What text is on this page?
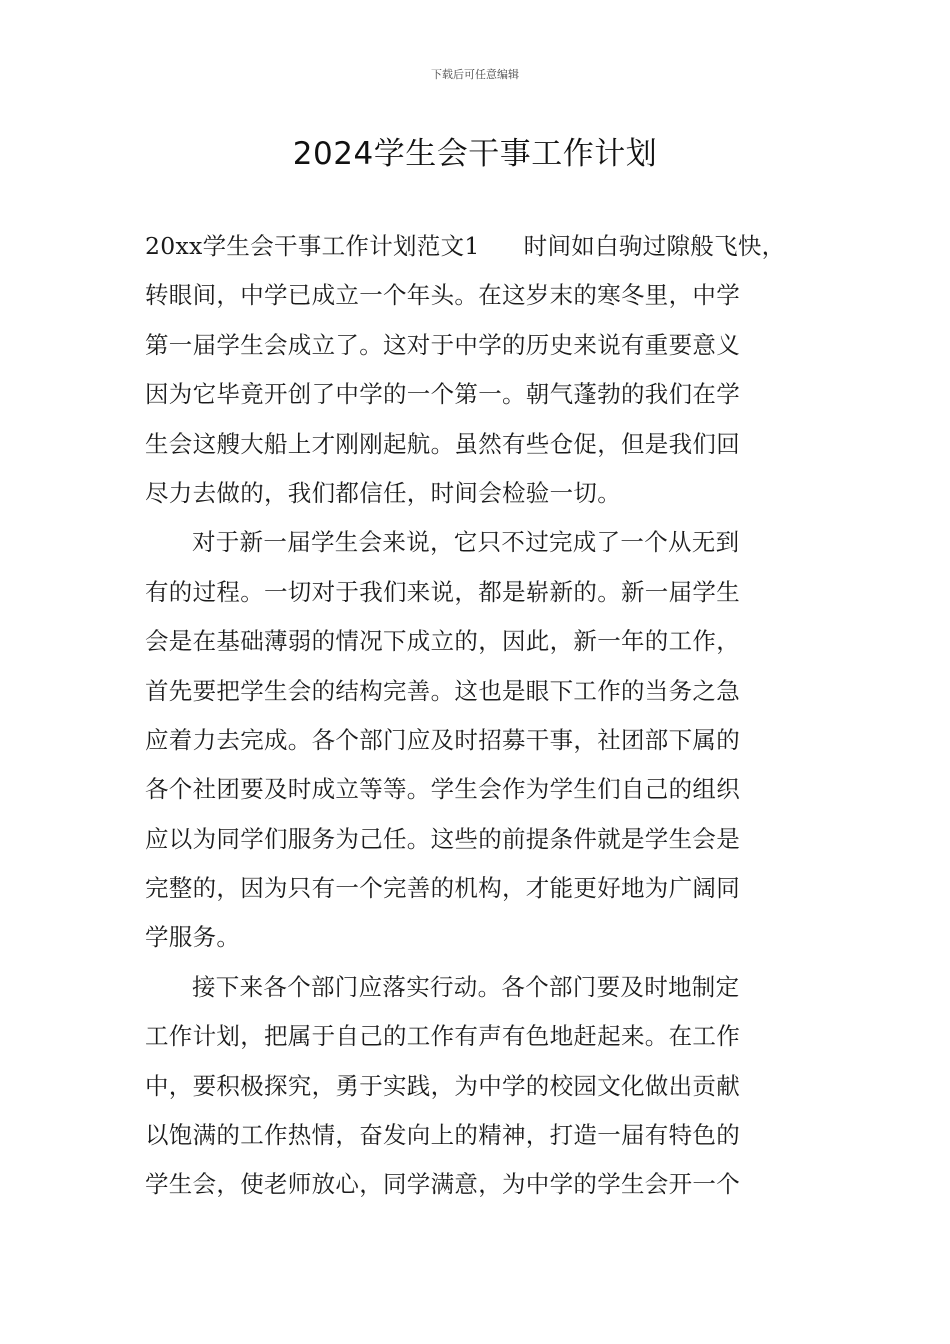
下载后可任意编辑
2024学生会干事工作计划
20xx学生会干事工作计划范文1 时间如白驹过隙般飞快，
转眼间，中学已成立一个年头。在这岁末的寒冬里，中学
第一届学生会成立了。这对于中学的历史来说有重要意义
因为它毕竟开创了中学的一个第一。朝气蓬勃的我们在学
生会这艘大船上才刚刚起航。虽然有些仓促，但是我们回
尽力去做的，我们都信任，时间会检验一切。
对于新一届学生会来说，它只不过完成了一个从无到
有的过程。一切对于我们来说，都是崭新的。新一届学生
会是在基础薄弱的情况下成立的，因此，新一年的工作，
首先要把学生会的结构完善。这也是眼下工作的当务之急
应着力去完成。各个部门应及时招募干事，社团部下属的
各个社团要及时成立等等。学生会作为学生们自己的组织
应以为同学们服务为己任。这些的前提条件就是学生会是
完整的，因为只有一个完善的机构，才能更好地为广阔同
学服务。
接下来各个部门应落实行动。各个部门要及时地制定
工作计划，把属于自己的工作有声有色地赶起来。在工作
中，要积极探究，勇于实践，为中学的校园文化做出贡献
以饱满的工作热情，奋发向上的精神，打造一届有特色的
学生会，使老师放心，同学满意，为中学的学生会开一个
